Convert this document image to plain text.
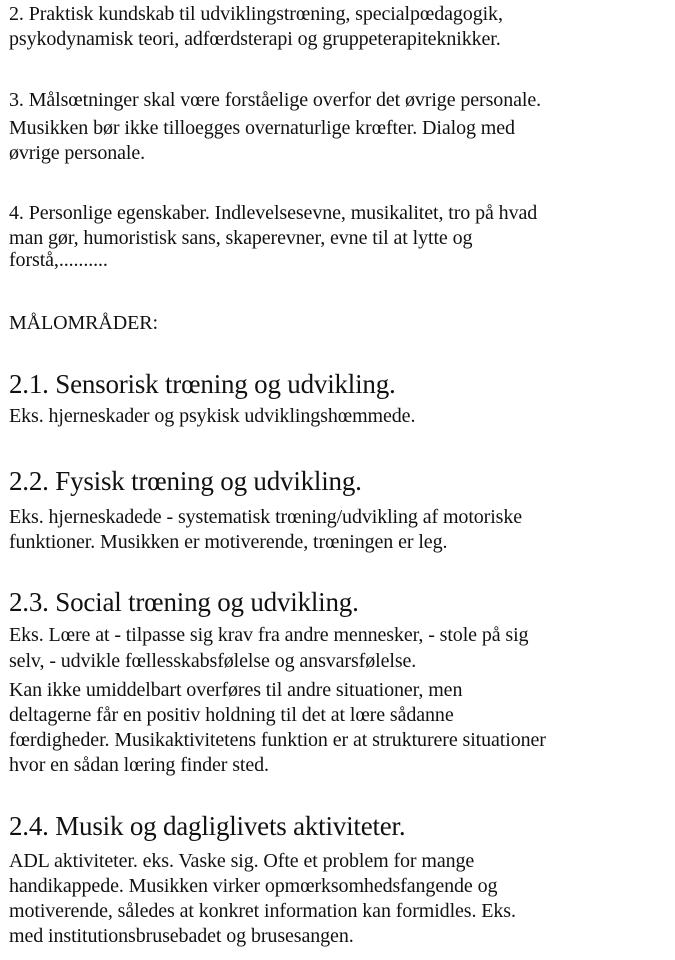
2. Praktisk kundskab til udviklingstrœning, specialpœdagogik,
psykodynamisk teori, adfœrdsterapi og gruppeterapiteknikker.
3. Målsœtninger skal vœre forståelige overfor det øvrige personale.
Musikken bør ikke tilloegges overnaturlige krœfter. Dialog med
øvrige personale.
4. Personlige egenskaber. Indlevelsesevne, musikalitet, tro på hvad
man gør, humoristisk sans, skaperevner, evne til at lytte og
forstå,..........
MÅLOMRÅDER:
2.1. Sensorisk trœning og udvikling.
Eks. hjerneskader og psykisk udviklingshœmmede.
2.2. Fysisk trœning og udvikling.
Eks. hjerneskadede - systematisk trœning/udvikling af motoriske
funktioner. Musikken er motiverende, trœningen er leg.
2.3. Social trœning og udvikling.
Eks. Lœre at - tilpasse sig krav fra andre mennesker, - stole på sig
selv, - udvikle fœllesskabsfølelse og ansvarsfølelse.
Kan ikke umiddelbart overføres til andre situationer, men
deltagerne får en positiv holdning til det at lœre sådanne
fœrdigheder. Musikaktivitetens funktion er at strukturere situationer
hvor en sådan lœring finder sted.
2.4. Musik og dagliglivets aktiviteter.
ADL aktiviteter. eks. Vaske sig. Ofte et problem for mange
handikappede. Musikken virker opmœrksomhedsfangende og
motiverende, således at konkret information kan formidles. Eks.
med institutionsbrusebadet og brusesangen.
